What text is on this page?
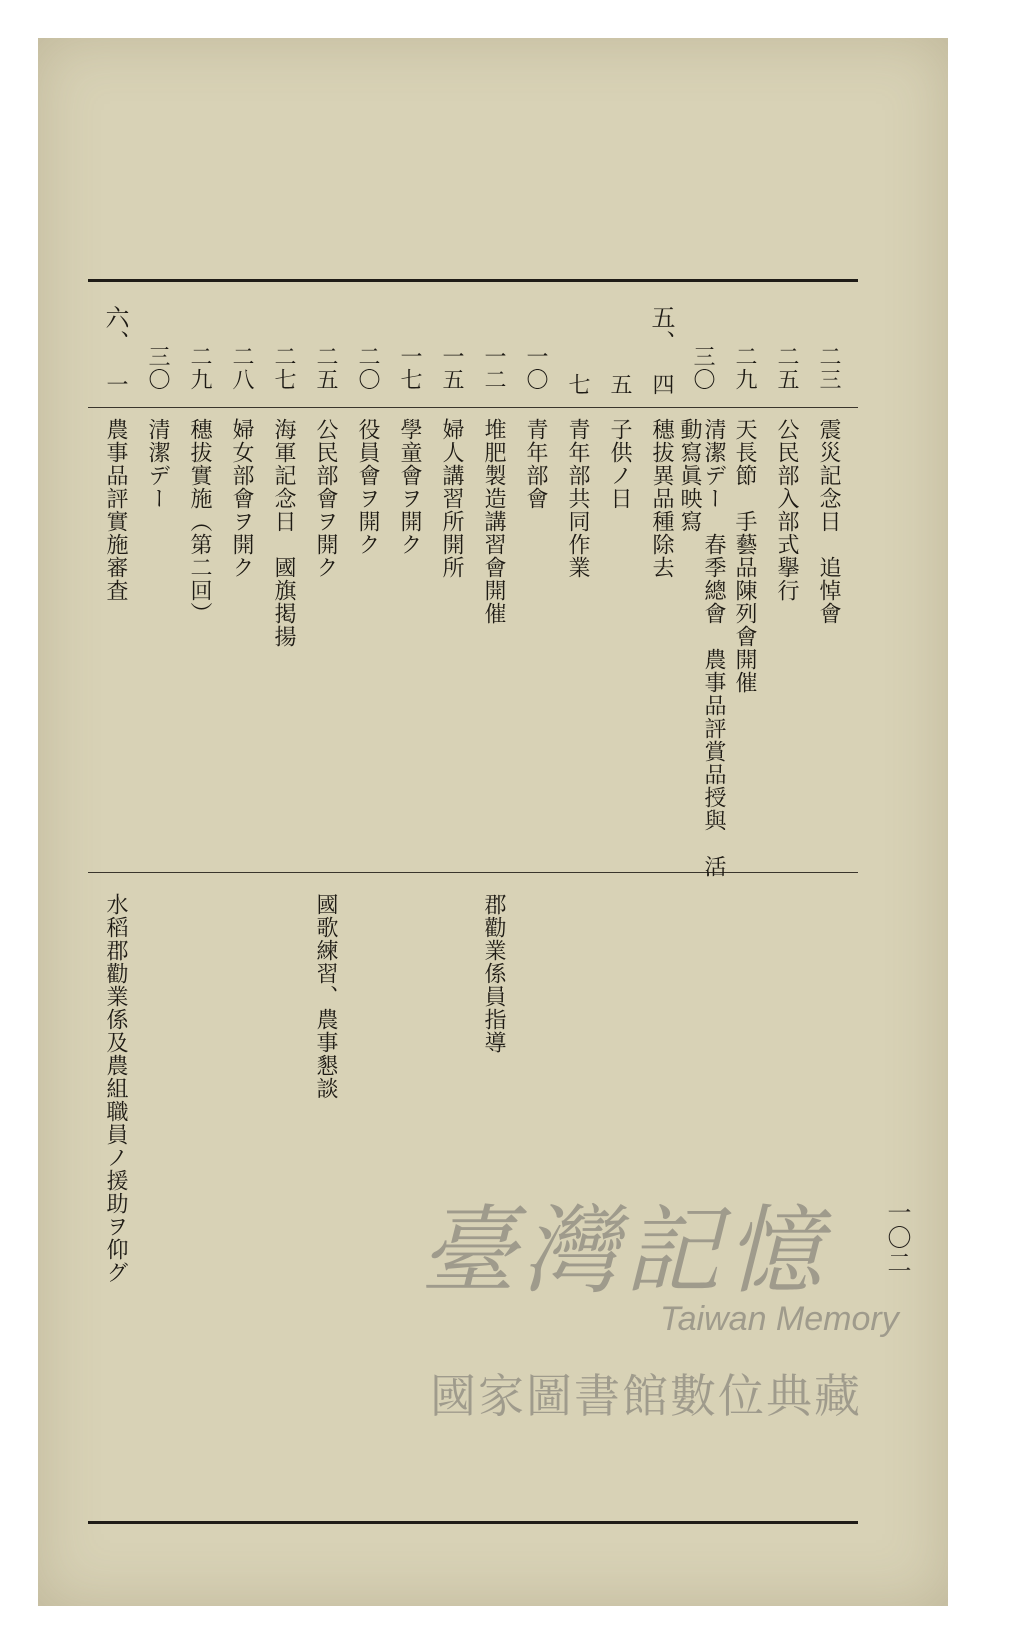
五、
六、
二三
震災記念日　追悼會
二五
公民部入部式擧行
二九
天長節　手藝品陳列會開催
三〇
清潔デー　春季總會　農事品評賞品授與　活
動寫眞映寫
四
穗拔異品種除去
五
子供ノ日
七
青年部共同作業
一〇
青年部會
一二
堆肥製造講習會開催
郡勸業係員指導
一五
婦人講習所開所
一七
學童會ヲ開ク
二〇
役員會ヲ開ク
二五
公民部會ヲ開ク
國歌練習、農事懇談
二七
海軍記念日　國旗掲揚
二八
婦女部會ヲ開ク
二九
穗拔實施（第二回）
三〇
清潔デー
一
農事品評實施審査
水稻郡勸業係及農組職員ノ援助ヲ仰グ	一〇二
臺灣記憶
Taiwan Memory
國家圖書館數位典藏
